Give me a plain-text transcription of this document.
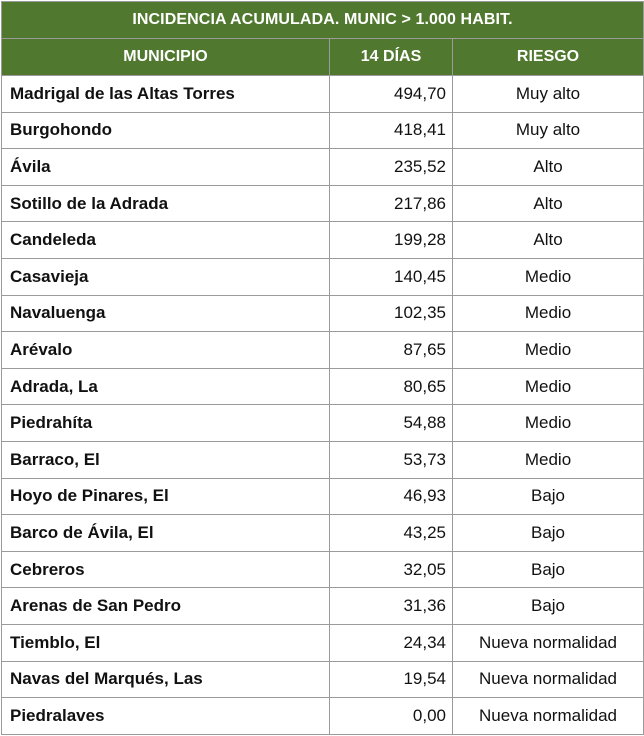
INCIDENCIA ACUMULADA. MUNIC > 1.000 HABIT.		
MUNICIPIO	14 DÍAS	RIESGO
Madrigal de las Altas Torres	494,70	Muy alto
Burgohondo	418,41	Muy alto
Ávila	235,52	Alto
Sotillo de la Adrada	217,86	Alto
Candeleda	199,28	Alto
Casavieja	140,45	Medio
Navaluenga	102,35	Medio
Arévalo	87,65	Medio
Adrada, La	80,65	Medio
Piedrahíta	54,88	Medio
Barraco, El	53,73	Medio
Hoyo de Pinares, El	46,93	Bajo
Barco de Ávila, El	43,25	Bajo
Cebreros	32,05	Bajo
Arenas de San Pedro	31,36	Bajo
Tiemblo, El	24,34	Nueva normalidad
Navas del Marqués, Las	19,54	Nueva normalidad
Piedralaves	0,00	Nueva normalidad
